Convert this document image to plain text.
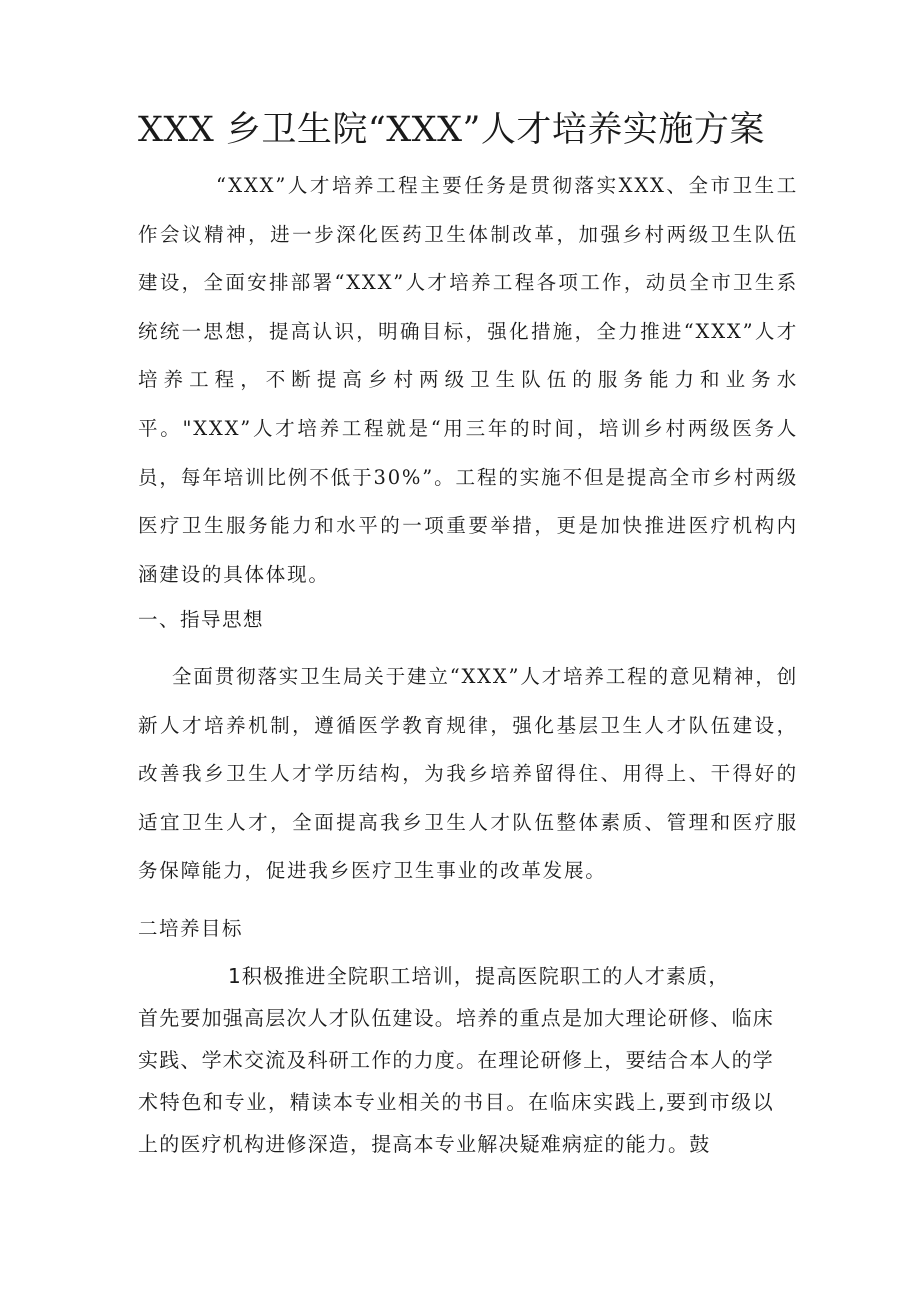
XXX 乡卫生院“XXX”人才培养实施方案

“XXX”人才培养工程主要任务是贯彻落实XXX、全市卫生工作会议精神，进一步深化医药卫生体制改革，加强乡村两级卫生队伍建设，全面安排部署“XXX”人才培养工程各项工作，动员全市卫生系统统一思想，提高认识，明确目标，强化措施，全力推进“XXX”人才培养工程，不断提高乡村两级卫生队伍的服务能力和业务水平。"XXX”人才培养工程就是“用三年的时间，培训乡村两级医务人员，每年培训比例不低于30%”。工程的实施不但是提高全市乡村两级医疗卫生服务能力和水平的一项重要举措，更是加快推进医疗机构内涵建设的具体体现。

一、指导思想

全面贯彻落实卫生局关于建立“XXX”人才培养工程的意见精神，创新人才培养机制，遵循医学教育规律，强化基层卫生人才队伍建设，改善我乡卫生人才学历结构，为我乡培养留得住、用得上、干得好的适宜卫生人才，全面提高我乡卫生人才队伍整体素质、管理和医疗服务保障能力，促进我乡医疗卫生事业的改革发展。

二培养目标

1积极推进全院职工培训，提高医院职工的人才素质，
首先要加强高层次人才队伍建设。培养的重点是加大理论研修、临床实践、学术交流及科研工作的力度。在理论研修上，要结合本人的学术特色和专业，精读本专业相关的书目。在临床实践上,要到市级以上的医疗机构进修深造，提高本专业解决疑难病症的能力。鼓
